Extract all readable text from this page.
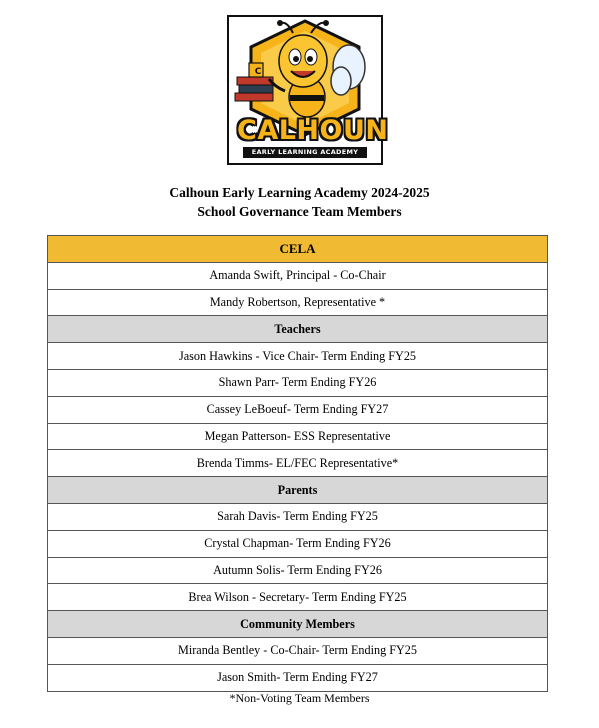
C
CALHOUN
EARLY LEARNING ACADEMY
Calhoun Early Learning Academy 2024-2025
School Governance Team Members
CELA
Amanda Swift, Principal - Co-Chair
Mandy Robertson, Representative *
Teachers
Jason Hawkins - Vice Chair- Term Ending FY25
Shawn Parr- Term Ending FY26
Cassey LeBoeuf- Term Ending FY27
Megan Patterson- ESS Representative
Brenda Timms- EL/FEC Representative*
Parents
Sarah Davis- Term Ending FY25
Crystal Chapman- Term Ending FY26
Autumn Solis- Term Ending FY26
Brea Wilson - Secretary- Term Ending FY25
Community Members
Miranda Bentley - Co-Chair- Term Ending FY25
Jason Smith- Term Ending FY27
*Non-Voting Team Members
